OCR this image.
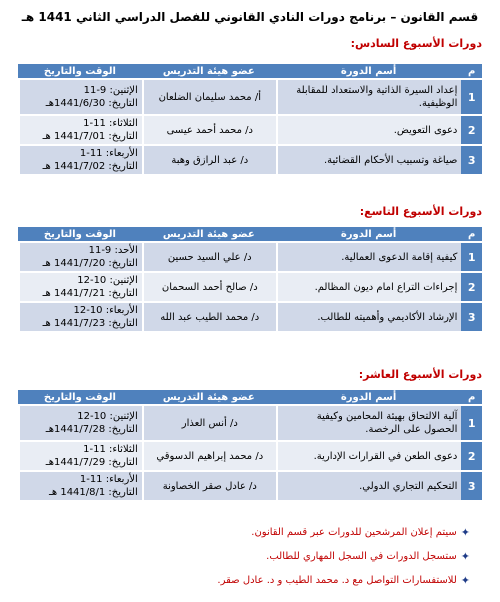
قسم القانون – برنامج دورات النادي القانوني للفصل الدراسي الثاني 1441 هـ
دورات الأسبوع السادس:
م	أسم الدورة	عضو هيئة التدريس	الوقت والتاريخ
1	إعداد السيرة الذاتية والاستعداد للمقابلة الوظيفية.	أ/ محمد سليمان الضلعان	الإثنين: 9-11
التاريخ: 1441/6/30هـ

2	دعوى التعويض.	د/ محمد أحمد عيسى	الثلاثاء: 11-1
التاريخ: 1441/7/01 هـ

3	صياغة وتسبيب الأحكام القضائية.	د/ عبد الرازق وهبة	الأربعاء: 11-1
التاريخ: 1441/7/02 هـ
دورات الأسبوع التاسع:
م	أسم الدورة	عضو هيئة التدريس	الوقت والتاريخ
1	كيفية إقامة الدعوى العمالية.	د/ علي السيد حسين	الأحد: 9-11
التاريخ: 1441/7/20 هـ

2	إجراءات التراع امام ديون المظالم.	د/ صالح أحمد السحمان	الإثنين: 10-12
التاريخ: 1441/7/21 هـ

3	الإرشاد الأكاديمي وأهميته للطالب.	د/ محمد الطيب عبد الله	الأربعاء: 10-12
التاريخ: 1441/7/23 هـ
دورات الأسبوع العاشر:
م	أسم الدورة	عضو هيئة التدريس	الوقت والتاريخ
1	آلية الالتحاق بهيئة المحامين وكيفية الحصول على الرخصة.	د/ أنس العذار	الإثنين: 10-12
التاريخ: 1441/7/28هـ

2	دعوى الطعن في القرارات الإدارية.	د/ محمد إبراهيم الدسوقي	الثلاثاء: 11-1
التاريخ: 1441/7/29هـ

3	التحكيم التجاري الدولي.	د/ عادل صقر الخصاونة	الأربعاء: 11-1
التاريخ: 1441/8/1 هـ
✦
سيتم إعلان المرشحين للدورات عبر قسم القانون.
✦
ستسجل الدورات في السجل المهاري للطالب.
✦
للاستفسارات التواصل مع د. محمد الطيب و د. عادل صقر.
